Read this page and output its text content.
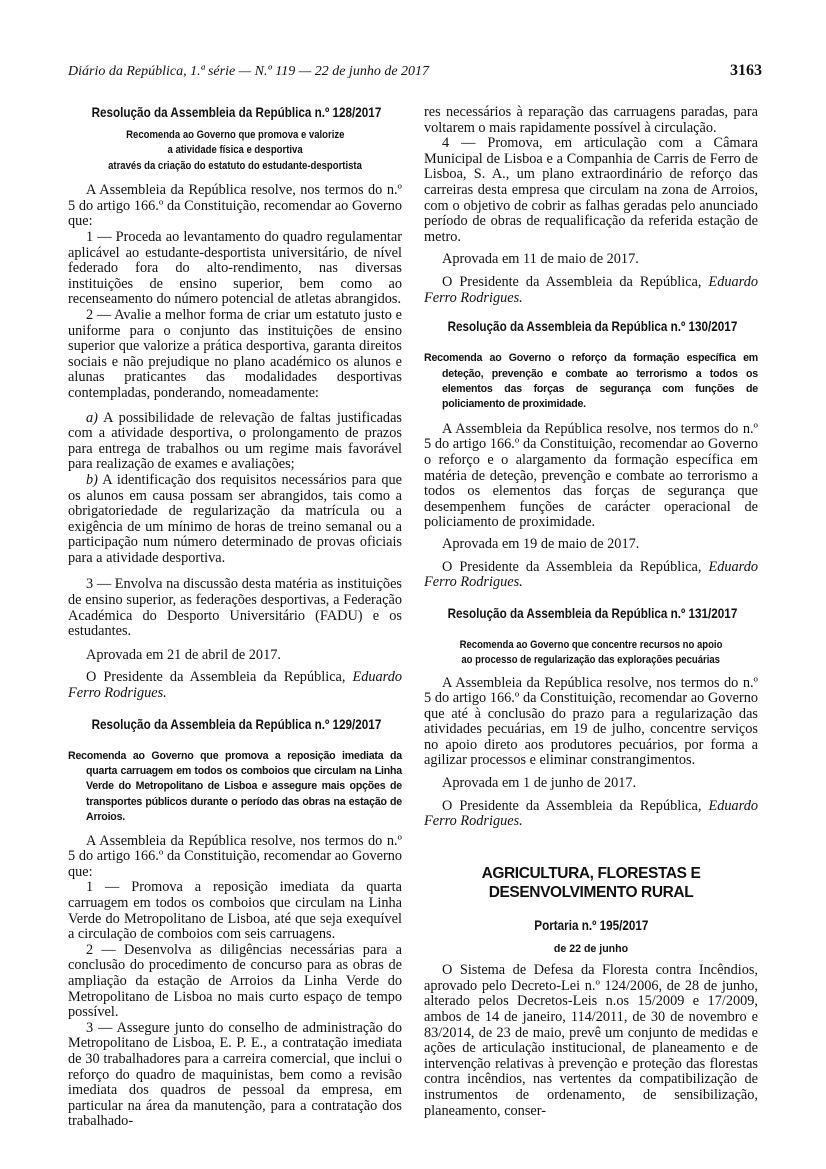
Diário da República, 1.ª série — N.º 119 — 22 de junho de 2017	3163
Resolução da Assembleia da República n.º 128/2017
Recomenda ao Governo que promova e valorize
a atividade física e desportiva
através da criação do estatuto do estudante-desportista

A Assembleia da República resolve, nos termos do n.º 5 do artigo 166.º da Constituição, recomendar ao Governo que:

1 — Proceda ao levantamento do quadro regulamentar aplicável ao estudante-desportista universitário, de nível federado fora do alto-rendimento, nas diversas instituições de ensino superior, bem como ao recenseamento do número potencial de atletas abrangidos.

2 — Avalie a melhor forma de criar um estatuto justo e uniforme para o conjunto das instituições de ensino superior que valorize a prática desportiva, garanta direitos sociais e não prejudique no plano académico os alunos e alunas praticantes das modalidades desportivas contempladas, ponderando, nomeadamente:

a) A possibilidade de relevação de faltas justificadas com a atividade desportiva, o prolongamento de prazos para entrega de trabalhos ou um regime mais favorável para realização de exames e avaliações;

b) A identificação dos requisitos necessários para que os alunos em causa possam ser abrangidos, tais como a obrigatoriedade de regularização da matrícula ou a exigência de um mínimo de horas de treino semanal ou a participação num número determinado de provas oficiais para a atividade desportiva.

3 — Envolva na discussão desta matéria as instituições de ensino superior, as federações desportivas, a Federação Académica do Desporto Universitário (FADU) e os estudantes.

Aprovada em 21 de abril de 2017.

O Presidente da Assembleia da República, Eduardo Ferro Rodrigues.

Resolução da Assembleia da República n.º 129/2017
Recomenda ao Governo que promova a reposição imediata da quarta carruagem em todos os comboios que circulam na Linha Verde do Metropolitano de Lisboa e assegure mais opções de transportes públicos durante o período das obras na estação de Arroios.

A Assembleia da República resolve, nos termos do n.º 5 do artigo 166.º da Constituição, recomendar ao Governo que:

1 — Promova a reposição imediata da quarta carruagem em todos os comboios que circulam na Linha Verde do Metropolitano de Lisboa, até que seja exequível a circulação de comboios com seis carruagens.

2 — Desenvolva as diligências necessárias para a conclusão do procedimento de concurso para as obras de ampliação da estação de Arroios da Linha Verde do Metropolitano de Lisboa no mais curto espaço de tempo possível.

3 — Assegure junto do conselho de administração do Metropolitano de Lisboa, E. P. E., a contratação imediata de 30 trabalhadores para a carreira comercial, que inclui o reforço do quadro de maquinistas, bem como a revisão imediata dos quadros de pessoal da empresa, em particular na área da manutenção, para a contratação dos trabalhado-

res necessários à reparação das carruagens paradas, para voltarem o mais rapidamente possível à circulação.

4 — Promova, em articulação com a Câmara Municipal de Lisboa e a Companhia de Carris de Ferro de Lisboa, S. A., um plano extraordinário de reforço das carreiras desta empresa que circulam na zona de Arroios, com o objetivo de cobrir as falhas geradas pelo anunciado período de obras de requalificação da referida estação de metro.

Aprovada em 11 de maio de 2017.

O Presidente da Assembleia da República, Eduardo Ferro Rodrigues.

Resolução da Assembleia da República n.º 130/2017
Recomenda ao Governo o reforço da formação específica em deteção, prevenção e combate ao terrorismo a todos os elementos das forças de segurança com funções de policiamento de proximidade.

A Assembleia da República resolve, nos termos do n.º 5 do artigo 166.º da Constituição, recomendar ao Governo o reforço e o alargamento da formação específica em matéria de deteção, prevenção e combate ao terrorismo a todos os elementos das forças de segurança que desempenhem funções de carácter operacional de policiamento de proximidade.

Aprovada em 19 de maio de 2017.

O Presidente da Assembleia da República, Eduardo Ferro Rodrigues.

Resolução da Assembleia da República n.º 131/2017
Recomenda ao Governo que concentre recursos no apoio
ao processo de regularização das explorações pecuárias

A Assembleia da República resolve, nos termos do n.º 5 do artigo 166.º da Constituição, recomendar ao Governo que até à conclusão do prazo para a regularização das atividades pecuárias, em 19 de julho, concentre serviços no apoio direto aos produtores pecuários, por forma a agilizar processos e eliminar constrangimentos.

Aprovada em 1 de junho de 2017.

O Presidente da Assembleia da República, Eduardo Ferro Rodrigues.

AGRICULTURA, FLORESTAS E DESENVOLVIMENTO RURAL
Portaria n.º 195/2017
de 22 de junho

O Sistema de Defesa da Floresta contra Incêndios, aprovado pelo Decreto-Lei n.º 124/2006, de 28 de junho, alterado pelos Decretos-Leis n.os 15/2009 e 17/2009, ambos de 14 de janeiro, 114/2011, de 30 de novembro e 83/2014, de 23 de maio, prevê um conjunto de medidas e ações de articulação institucional, de planeamento e de intervenção relativas à prevenção e proteção das florestas contra incêndios, nas vertentes da compatibilização de instrumentos de ordenamento, de sensibilização, planeamento, conser-
